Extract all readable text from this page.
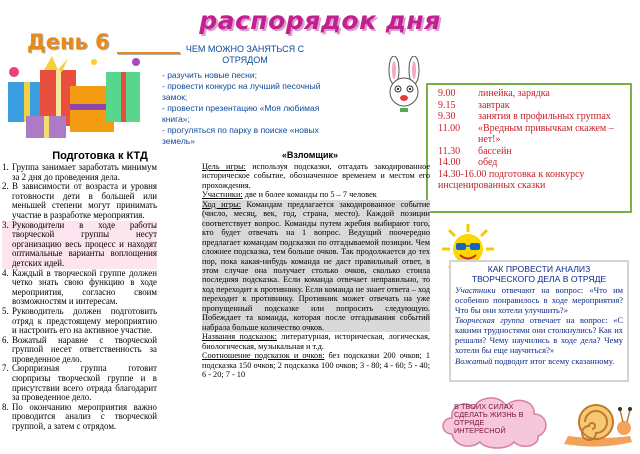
распорядок дня
День 6 ______ ЧЕМ МОЖНО ЗАНЯТЬСЯ С ОТРЯДОМ
- разучить новые песни;
- провести конкурс на лучший песочный замок;
- провести презентацию «Моя любимая книга»;
- прогуляться по парку в поиске «новых земель»
9.00	линейка, зарядка
9.15	завтрак
9.30	занятия в профильных группах
11.00	«Вредным привычкам скажем – нет!»
11.30	бассейн
14.00	обед
14.30-16.00 подготовка к конкурсу инсценированных сказки
Подготовка к КТД
1. Группа занимает заработать минимум за 2 дня до проведения дела.
2. В зависимости от возраста и уровня готовности дети в большей или меньшей степени могут принимать участие в разработке мероприятия.
3. Руководители в ходе работы творческой группы несут организацию весь процесс и находят оптимальные варианты воплощения детских идей.
4. Каждый в творческой группе должен четко знать свою функцию в ходе мероприятия, согласно своим возможностям и интересам.
5. Руководитель должен подготовить отряд к предстоящему мероприятию и настроить его на активное участие.
6. Вожатый наравне с творческой группой несет ответственность за проведенное дело.
7. Сюрпризная группа готовит сюрпризы творческой группе и в присутствии всего отряда благодарит за проведенное дело.
8. По окончанию мероприятия важно проводится анализ с творческой группой, а затем с отрядом.
«Взломщик»
Цель игры: используя подсказки, отгадать закодированное историческое событие, обозначенное временем и местом его прохождения.
Участники: две и более команды по 5 – 7 человек
Ход игры: Командам предлагается закодированное событие (число, месяц, век, год, страна, место). Каждой позиции соответствует вопрос. Команды путем жребия выбирают того, кто будет отвечать на 1 вопрос. Ведущий поочередно предлагает командам подсказки по отгадываемой позиции. Чем сложнее подсказка, тем больше очков. Так продолжается до тех пор, пока какая-нибудь команда не даст правильный ответ, в этом случае она получает столько очков, сколько стоила последняя подсказка. Если команда отвечает неправильно, то ход переходит к противнику. Если команда не знает ответа – ход переходит к противнику. Противник может отвечать на уже пропущенный подсказке или попросить следующую. Побеждает та команда, которая после отгадывания событий набрала больше количество очков.
Названия подсказок: литературная, историческая, логическая, биологическая, музыкальная и т.д.
Соотношение подсказок и очков: без подсказки 200 очков; 1 подсказка 150 очков; 2 подсказка 100 очков; 3 - 80; 4 - 60; 5 - 40; 6 - 20; 7 - 10
КАК ПРОВЕСТИ АНАЛИЗ ТВОРЧЕСКОГО ДЕЛА В ОТРЯДЕ

Участники отвечают на вопрос: «Что им особенно понравилось в ходе мероприятия? Что бы они хотели улучшить?»

Творческая группа отвечает на вопрос: «С какими трудностями они столкнулись? Как их решали? Чему научились в ходе дела? Чему хотели бы еще научиться?»

Вожатый подводит итог всему сказанному.

В ТВОИХ СИЛАХ СДЕЛАТЬ ЖИЗНЬ В ОТРЯДЕ ИНТЕРЕСНОЙ
